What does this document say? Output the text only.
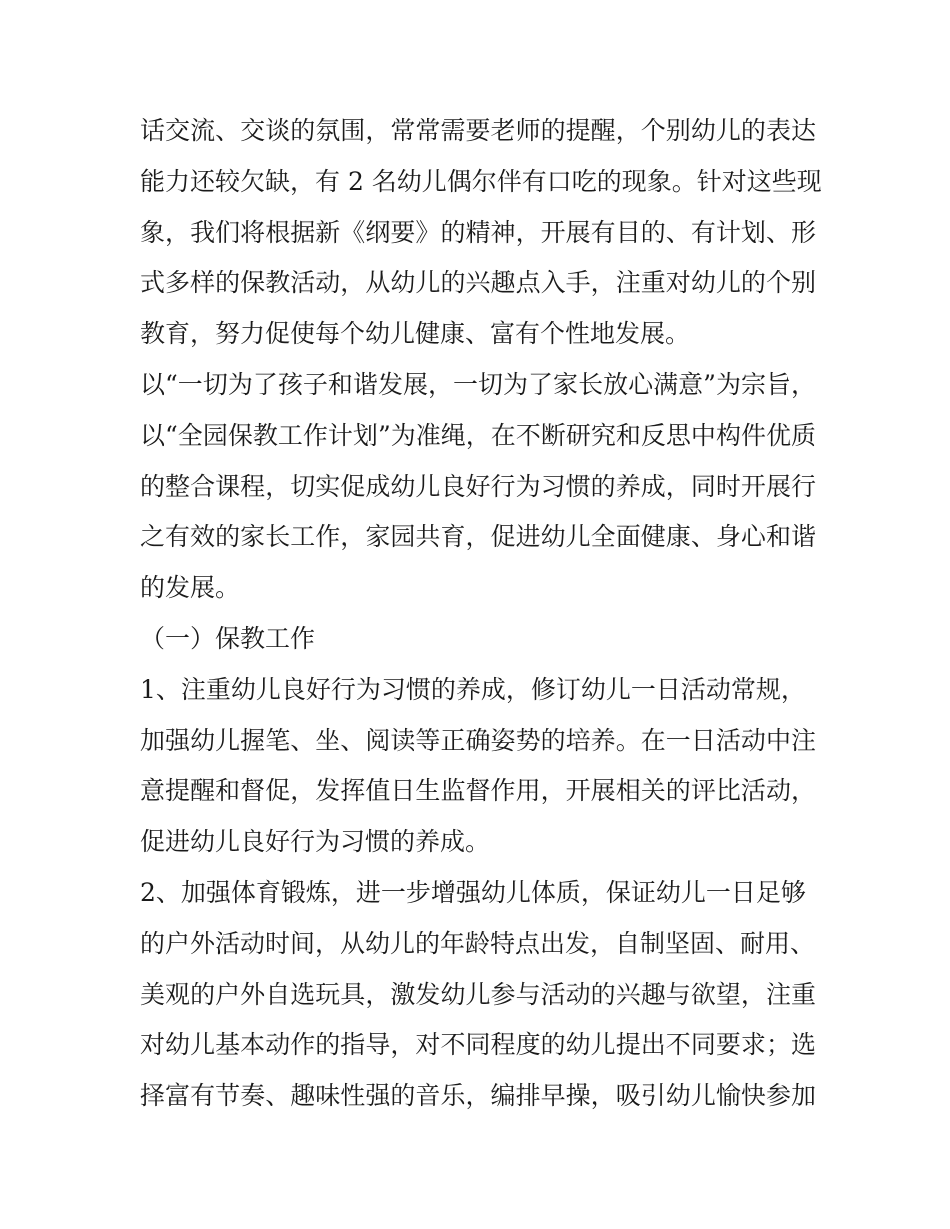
话交流、交谈的氛围，常常需要老师的提醒，个别幼儿的表达
能力还较欠缺，有 2 名幼儿偶尔伴有口吃的现象。针对这些现
象，我们将根据新《纲要》的精神，开展有目的、有计划、形
式多样的保教活动，从幼儿的兴趣点入手，注重对幼儿的个别
教育，努力促使每个幼儿健康、富有个性地发展。
以“一切为了孩子和谐发展，一切为了家长放心满意”为宗旨，
以“全园保教工作计划”为准绳，在不断研究和反思中构件优质
的整合课程，切实促成幼儿良好行为习惯的养成，同时开展行
之有效的家长工作，家园共育，促进幼儿全面健康、身心和谐
的发展。
（一）保教工作
1、注重幼儿良好行为习惯的养成，修订幼儿一日活动常规，
加强幼儿握笔、坐、阅读等正确姿势的培养。在一日活动中注
意提醒和督促，发挥值日生监督作用，开展相关的评比活动，
促进幼儿良好行为习惯的养成。
2、加强体育锻炼，进一步增强幼儿体质，保证幼儿一日足够
的户外活动时间，从幼儿的年龄特点出发，自制坚固、耐用、
美观的户外自选玩具，激发幼儿参与活动的兴趣与欲望，注重
对幼儿基本动作的指导，对不同程度的幼儿提出不同要求；选
择富有节奏、趣味性强的音乐，编排早操，吸引幼儿愉快参加
